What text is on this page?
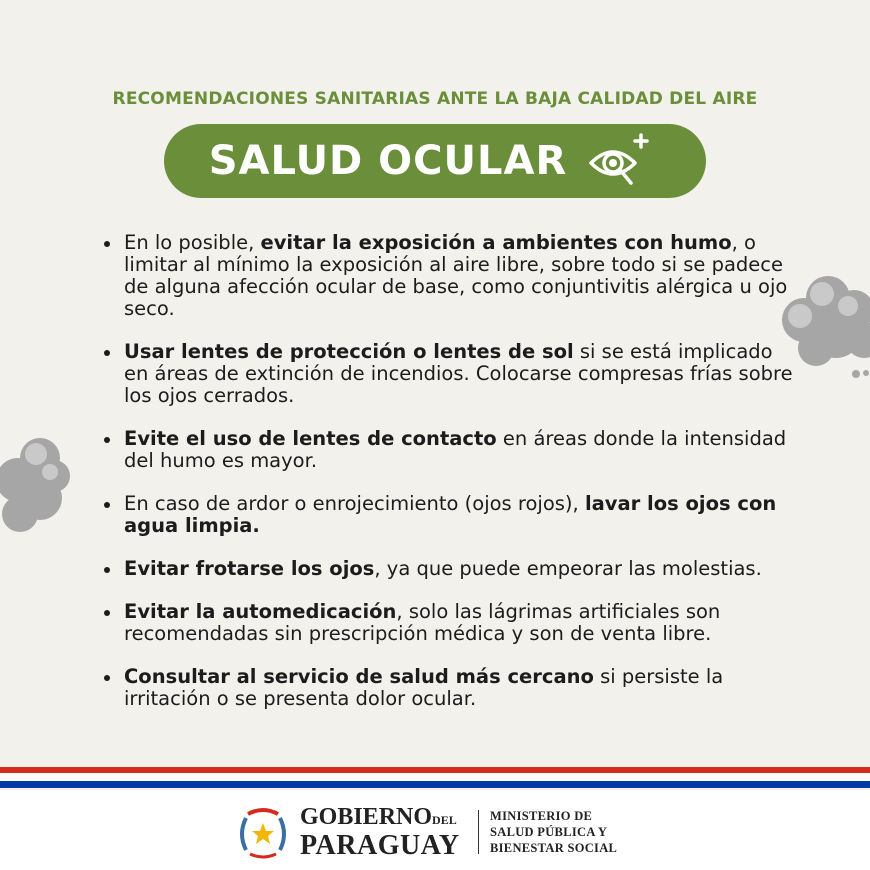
RECOMENDACIONES SANITARIAS ANTE LA BAJA CALIDAD DEL AIRE
SALUD OCULAR
En lo posible, evitar la exposición a ambientes con humo, o limitar al mínimo la exposición al aire libre, sobre todo si se padece de alguna afección ocular de base, como conjuntivitis alérgica u ojo seco.
Usar lentes de protección o lentes de sol si se está implicado en áreas de extinción de incendios. Colocarse compresas frías sobre los ojos cerrados.
Evite el uso de lentes de contacto en áreas donde la intensidad del humo es mayor.
En caso de ardor o enrojecimiento (ojos rojos), lavar los ojos con agua limpia.
Evitar frotarse los ojos, ya que puede empeorar las molestias.
Evitar la automedicación, solo las lágrimas artificiales son recomendadas sin prescripción médica y son de venta libre.
Consultar al servicio de salud más cercano si persiste la irritación o se presenta dolor ocular.
GOBIERNODEL
PARAGUAY
MINISTERIO DE
SALUD PÚBLICA Y
BIENESTAR SOCIAL
